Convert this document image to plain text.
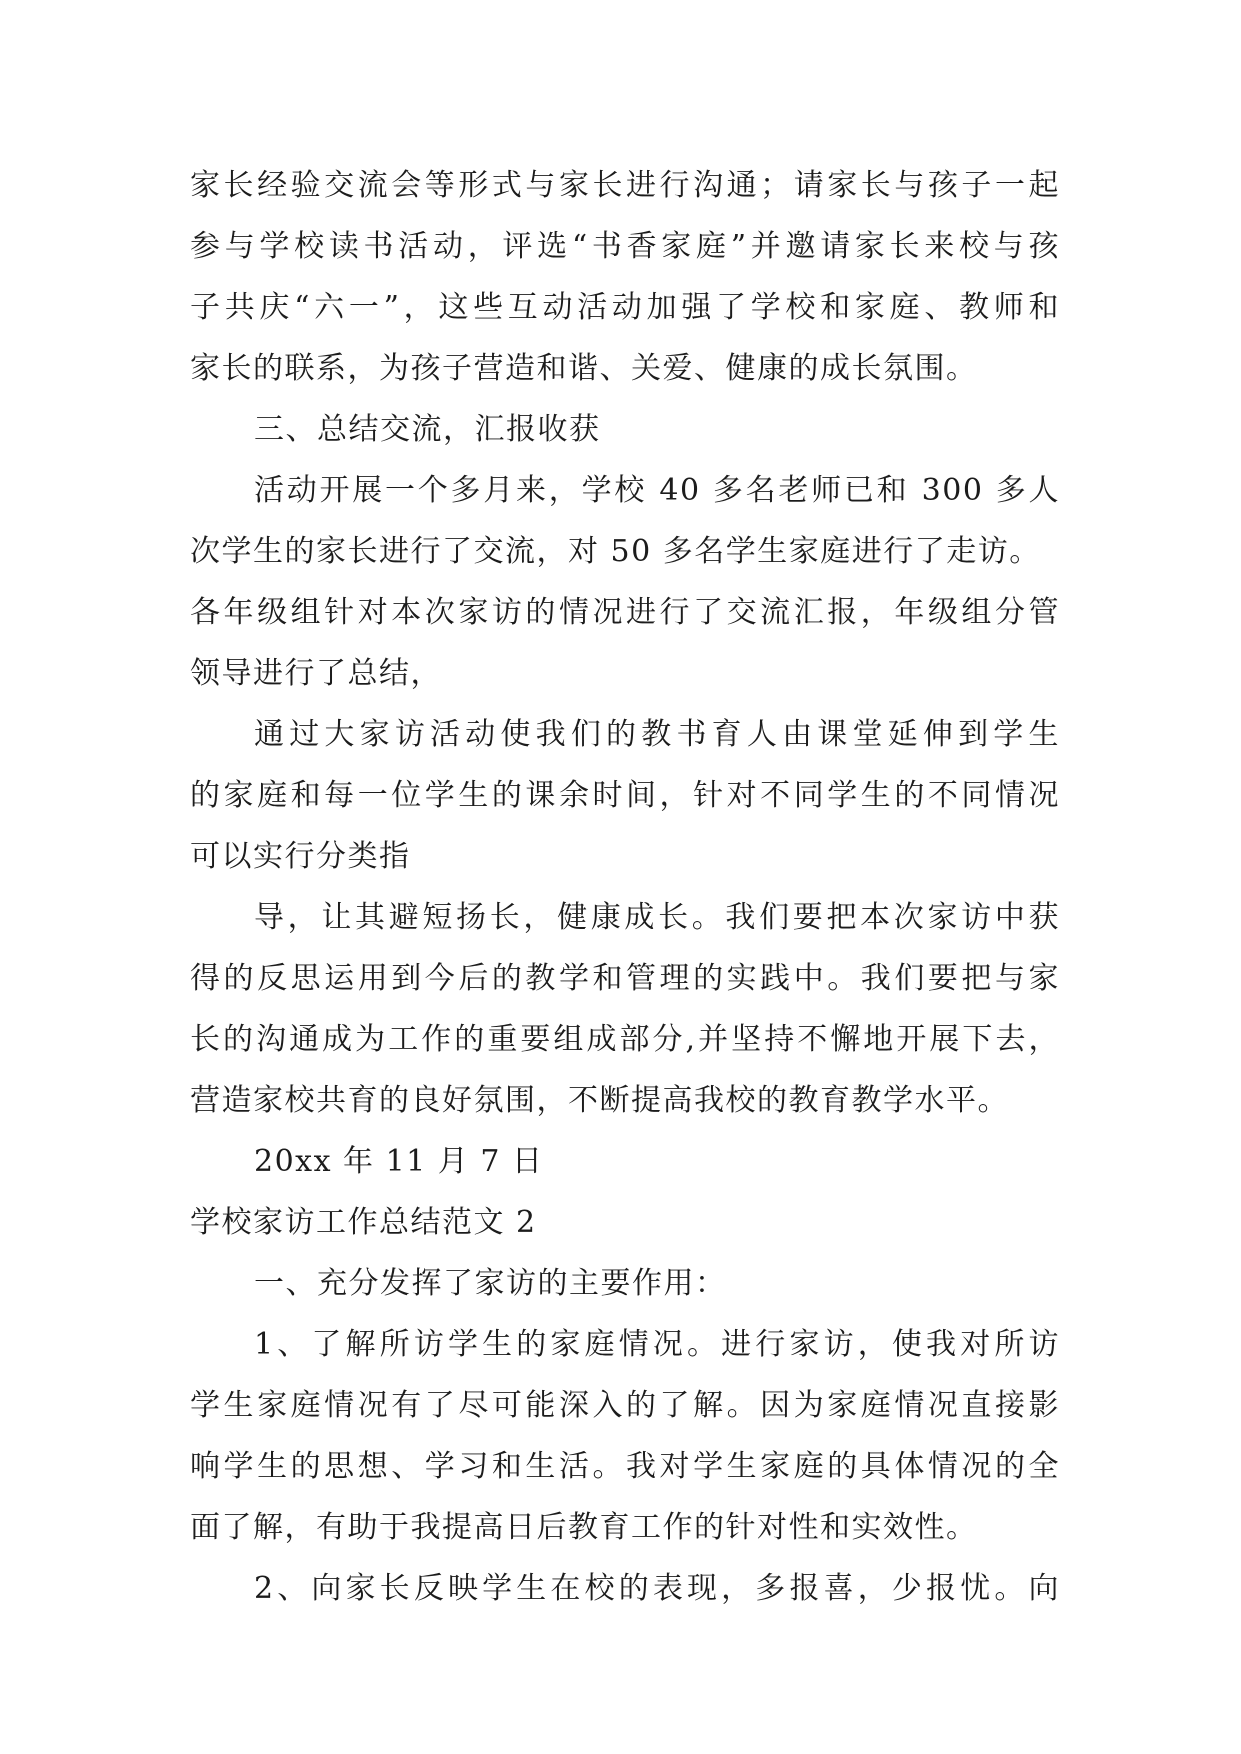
家长经验交流会等形式与家长进行沟通；请家长与孩子一起
参与学校读书活动，评选“书香家庭”并邀请家长来校与孩
子共庆“六一”，这些互动活动加强了学校和家庭、教师和
家长的联系，为孩子营造和谐、关爱、健康的成长氛围。
三、总结交流，汇报收获
活动开展一个多月来，学校 40 多名老师已和 300 多人
次学生的家长进行了交流，对 50 多名学生家庭进行了走访。
各年级组针对本次家访的情况进行了交流汇报，年级组分管
领导进行了总结，
通过大家访活动使我们的教书育人由课堂延伸到学生
的家庭和每一位学生的课余时间，针对不同学生的不同情况
可以实行分类指
导，让其避短扬长，健康成长。我们要把本次家访中获
得的反思运用到今后的教学和管理的实践中。我们要把与家
长的沟通成为工作的重要组成部分,并坚持不懈地开展下去，
营造家校共育的良好氛围，不断提高我校的教育教学水平。
20xx 年 11 月 7 日
学校家访工作总结范文 2
一、充分发挥了家访的主要作用：
1、了解所访学生的家庭情况。进行家访，使我对所访
学生家庭情况有了尽可能深入的了解。因为家庭情况直接影
响学生的思想、学习和生活。我对学生家庭的具体情况的全
面了解，有助于我提高日后教育工作的针对性和实效性。
2、向家长反映学生在校的表现，多报喜，少报忧。向
